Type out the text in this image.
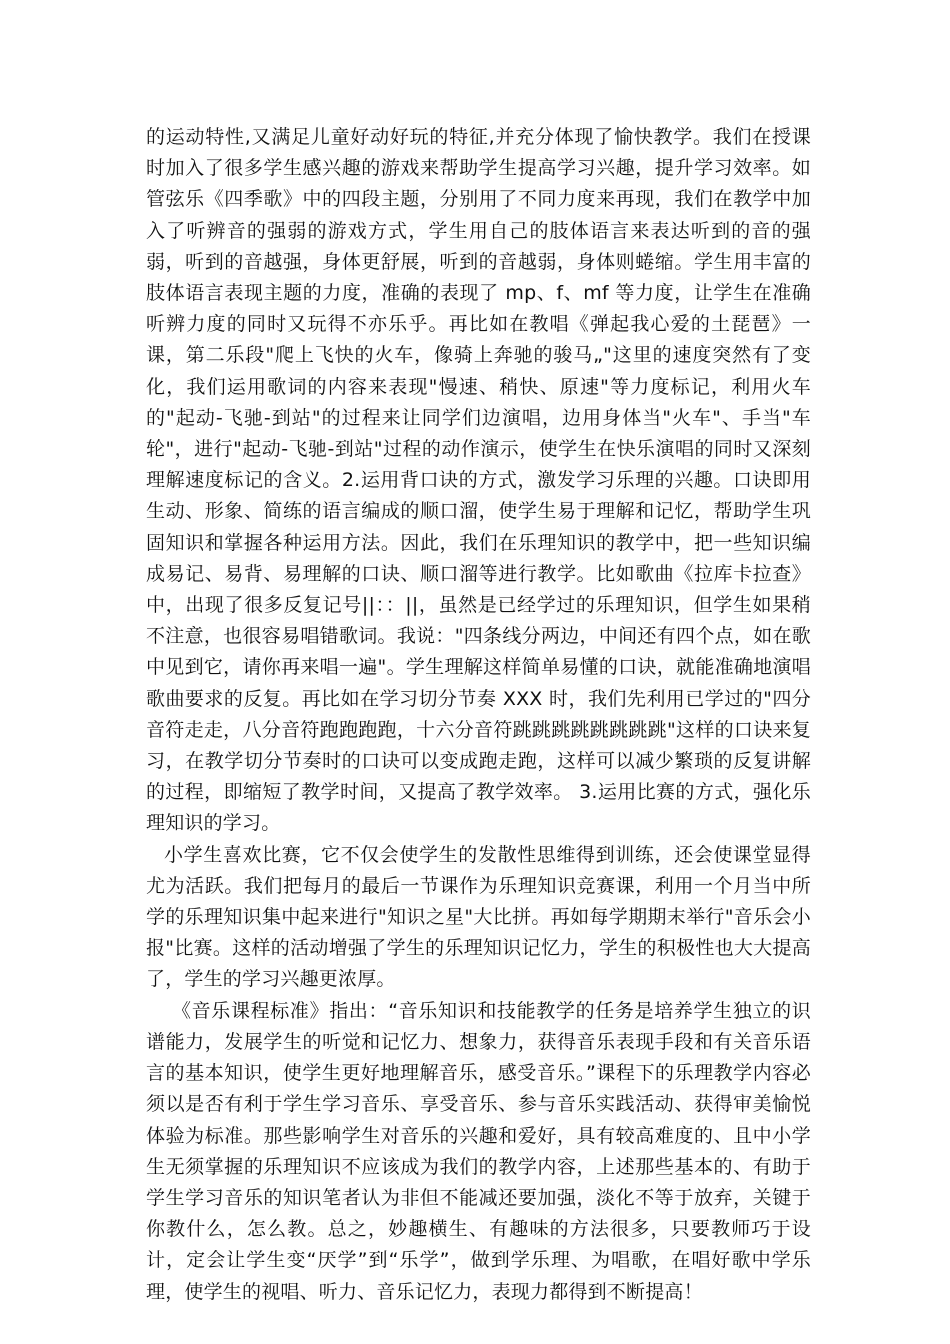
的运动特性,又满足儿童好动好玩的特征,并充分体现了愉快教学。我们在授课时加入了很多学生感兴趣的游戏来帮助学生提高学习兴趣，提升学习效率。如管弦乐《四季歌》中的四段主题，分别用了不同力度来再现，我们在教学中加入了听辨音的强弱的游戏方式，学生用自己的肢体语言来表达听到的音的强弱，听到的音越强，身体更舒展，听到的音越弱，身体则蜷缩。学生用丰富的肢体语言表现主题的力度，准确的表现了 mp、f、mf 等力度，让学生在准确听辨力度的同时又玩得不亦乐乎。再比如在教唱《弹起我心爱的土琵琶》一课，第二乐段"爬上飞快的火车，像骑上奔驰的骏马„"这里的速度突然有了变化，我们运用歌词的内容来表现"慢速、稍快、原速"等力度标记，利用火车的"起动-飞驰-到站"的过程来让同学们边演唱，边用身体当"火车"、手当"车轮"，进行"起动-飞驰-到站"过程的动作演示，使学生在快乐演唱的同时又深刻理解速度标记的含义。2.运用背口诀的方式，激发学习乐理的兴趣。口诀即用生动、形象、简练的语言编成的顺口溜，使学生易于理解和记忆，帮助学生巩固知识和掌握各种运用方法。因此，我们在乐理知识的教学中，把一些知识编成易记、易背、易理解的口诀、顺口溜等进行教学。比如歌曲《拉库卡拉查》中，出现了很多反复记号||：：||，虽然是已经学过的乐理知识，但学生如果稍不注意，也很容易唱错歌词。我说："四条线分两边，中间还有四个点，如在歌中见到它，请你再来唱一遍"。学生理解这样简单易懂的口诀，就能准确地演唱歌曲要求的反复。再比如在学习切分节奏 XXX 时，我们先利用已学过的"四分音符走走，八分音符跑跑跑跑，十六分音符跳跳跳跳跳跳跳跳"这样的口诀来复习，在教学切分节奏时的口诀可以变成跑走跑，这样可以减少繁琐的反复讲解的过程，即缩短了教学时间，又提高了教学效率。 3.运用比赛的方式，强化乐理知识的学习。

小学生喜欢比赛，它不仅会使学生的发散性思维得到训练，还会使课堂显得尤为活跃。我们把每月的最后一节课作为乐理知识竞赛课，利用一个月当中所学的乐理知识集中起来进行"知识之星"大比拼。再如每学期期末举行"音乐会小报"比赛。这样的活动增强了学生的乐理知识记忆力，学生的积极性也大大提高了，学生的学习兴趣更浓厚。

《音乐课程标准》指出：“音乐知识和技能教学的任务是培养学生独立的识谱能力，发展学生的听觉和记忆力、想象力，获得音乐表现手段和有关音乐语言的基本知识，使学生更好地理解音乐，感受音乐。”课程下的乐理教学内容必须以是否有利于学生学习音乐、享受音乐、参与音乐实践活动、获得审美愉悦体验为标准。那些影响学生对音乐的兴趣和爱好，具有较高难度的、且中小学生无须掌握的乐理知识不应该成为我们的教学内容，上述那些基本的、有助于学生学习音乐的知识笔者认为非但不能减还要加强，淡化不等于放弃，关键于你教什么，怎么教。总之，妙趣横生、有趣味的方法很多，只要教师巧于设计，定会让学生变“厌学”到“乐学”，做到学乐理、为唱歌，在唱好歌中学乐理，使学生的视唱、听力、音乐记忆力，表现力都得到不断提高！
